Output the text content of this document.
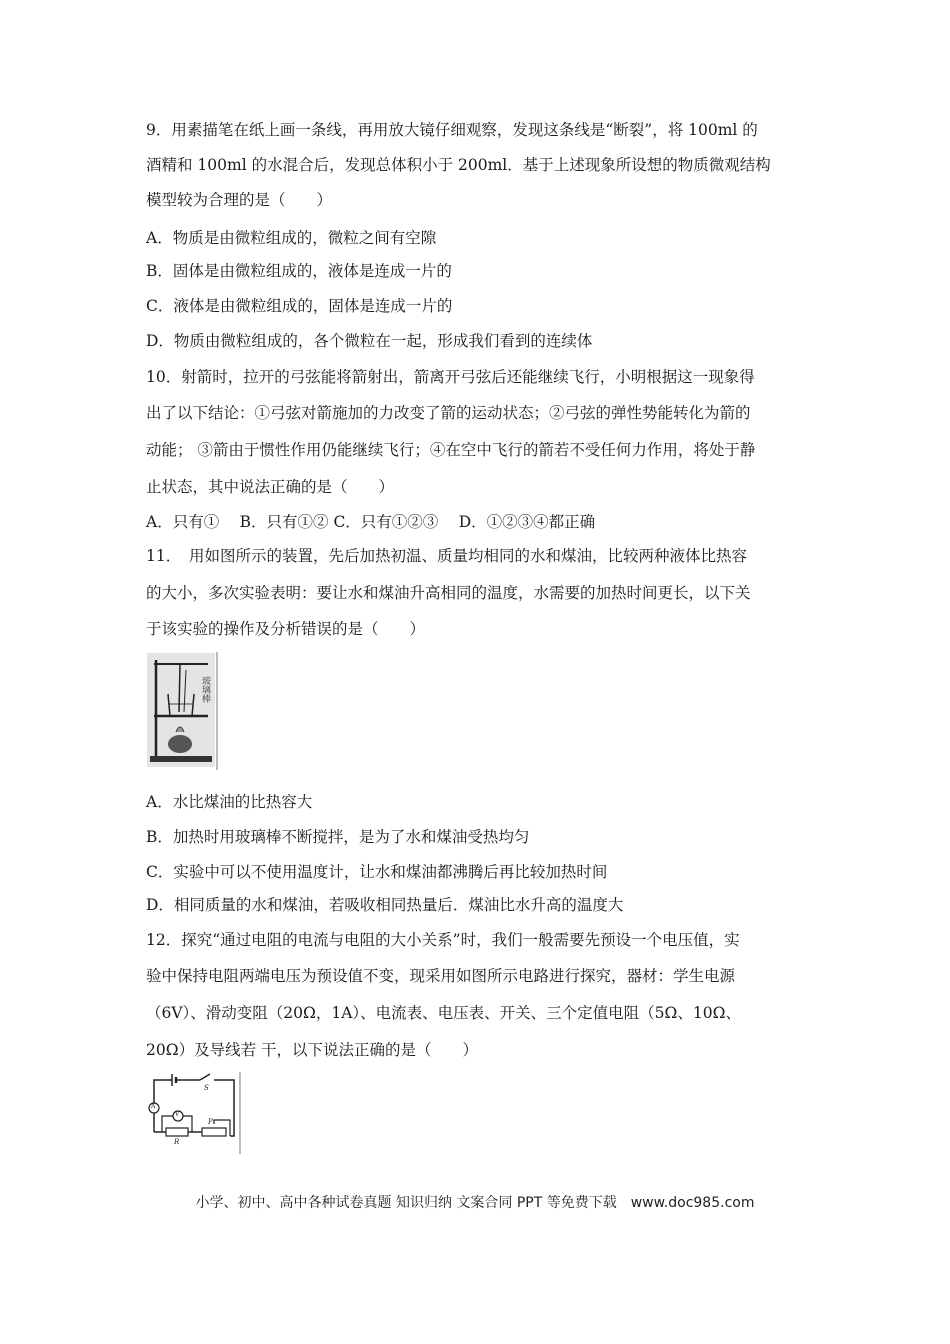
9．用素描笔在纸上画一条线，再用放大镜仔细观察，发现这条线是“断裂”，将 100ml 的
酒精和 100ml 的水混合后，发现总体积小于 200ml．基于上述现象所设想的物质微观结构
模型较为合理的是（　　）
A．物质是由微粒组成的，微粒之间有空隙
B．固体是由微粒组成的，液体是连成一片的
C．液体是由微粒组成的，固体是连成一片的
D．物质由微粒组成的，各个微粒在一起，形成我们看到的连续体
10．射箭时，拉开的弓弦能将箭射出，箭离开弓弦后还能继续飞行，小明根据这一现象得
出了以下结论：①弓弦对箭施加的力改变了箭的运动状态；②弓弦的弹性势能转化为箭的
动能； ③箭由于惯性作用仍能继续飞行；④在空中飞行的箭若不受任何力作用，将处于静
止状态，其中说法正确的是（　　）
A．只有①　 B．只有①② C．只有①②③　 D．①②③④都正确
11．　用如图所示的装置，先后加热初温、质量均相同的水和煤油，比较两种液体比热容
的大小，多次实验表明：要让水和煤油升高相同的温度，水需要的加热时间更长，以下关
于该实验的操作及分析错误的是（　　）
玻璃棒
A．水比煤油的比热容大
B．加热时用玻璃棒不断搅拌，是为了水和煤油受热均匀
C．实验中可以不使用温度计，让水和煤油都沸腾后再比较加热时间
D．相同质量的水和煤油，若吸收相同热量后．煤油比水升高的温度大
12．探究“通过电阻的电流与电阻的大小关系”时，我们一般需要先预设一个电压值，实
验中保持电阻两端电压为预设值不变，现采用如图所示电路进行探究，器材：学生电源
（6V）、滑动变阻（20Ω，1A）、电流表、电压表、开关、三个定值电阻（5Ω、10Ω、
20Ω）及导线若 干，以下说法正确的是（　　）
S
A
V
R
P
小学、初中、高中各种试卷真题 知识归纳 文案合同 PPT 等免费下载　www.doc985.com
